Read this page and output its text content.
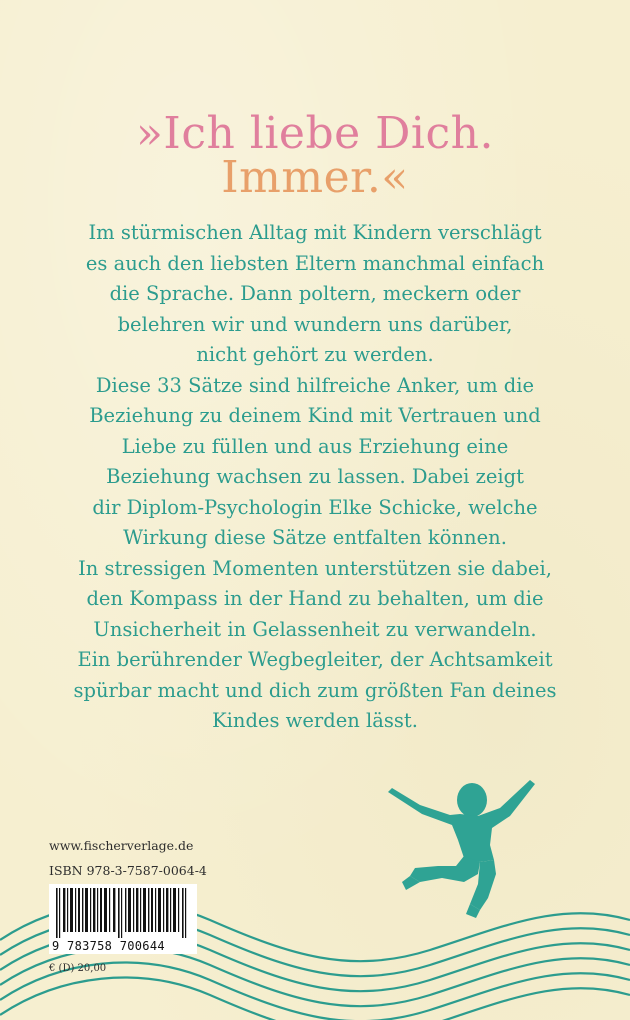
»Ich liebe Dich.
Immer.«
Im stürmischen Alltag mit Kindern verschlägt
es auch den liebsten Eltern manchmal einfach
die Sprache. Dann poltern, meckern oder
belehren wir und wundern uns darüber,
nicht gehört zu werden.
Diese 33 Sätze sind hilfreiche Anker, um die
Beziehung zu deinem Kind mit Vertrauen und
Liebe zu füllen und aus Erziehung eine
Beziehung wachsen zu lassen. Dabei zeigt
dir Diplom-Psychologin Elke Schicke, welche
Wirkung diese Sätze entfalten können.
In stressigen Momenten unterstützen sie dabei,
den Kompass in der Hand zu behalten, um die
Unsicherheit in Gelassenheit zu verwandeln.
Ein berührender Wegbegleiter, der Achtsamkeit
spürbar macht und dich zum größten Fan deines
Kindes werden lässt.
www.fischerverlage.de
ISBN 978-3-7587-0064-4
9 783758 700644
€ (D) 20,00
